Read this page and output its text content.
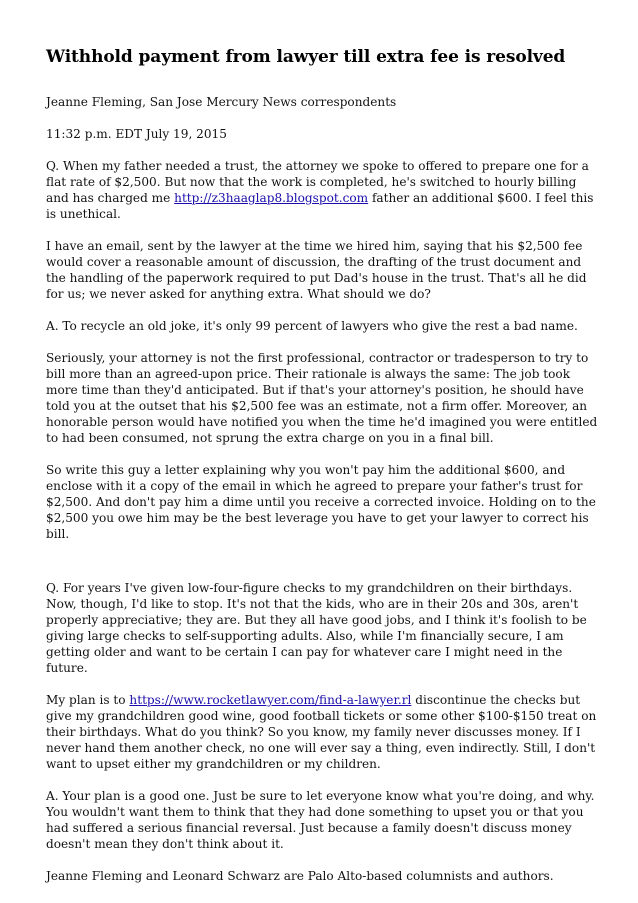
Withhold payment from lawyer till extra fee is resolved

Jeanne Fleming, San Jose Mercury News correspondents

11:32 p.m. EDT July 19, 2015

Q. When my father needed a trust, the attorney we spoke to offered to prepare one for a flat rate of $2,500. But now that the work is completed, he's switched to hourly billing and has charged me http://z3haaglap8.blogspot.com father an additional $600. I feel this is unethical.

I have an email, sent by the lawyer at the time we hired him, saying that his $2,500 fee would cover a reasonable amount of discussion, the drafting of the trust document and the handling of the paperwork required to put Dad's house in the trust. That's all he did for us; we never asked for anything extra. What should we do?

A. To recycle an old joke, it's only 99 percent of lawyers who give the rest a bad name.

Seriously, your attorney is not the first professional, contractor or tradesperson to try to bill more than an agreed-upon price. Their rationale is always the same: The job took more time than they'd anticipated. But if that's your attorney's position, he should have told you at the outset that his $2,500 fee was an estimate, not a firm offer. Moreover, an honorable person would have notified you when the time he'd imagined you were entitled to had been consumed, not sprung the extra charge on you in a final bill.

So write this guy a letter explaining why you won't pay him the additional $600, and enclose with it a copy of the email in which he agreed to prepare your father's trust for $2,500. And don't pay him a dime until you receive a corrected invoice. Holding on to the $2,500 you owe him may be the best leverage you have to get your lawyer to correct his bill.

Q. For years I've given low-four-figure checks to my grandchildren on their birthdays. Now, though, I'd like to stop. It's not that the kids, who are in their 20s and 30s, aren't properly appreciative; they are. But they all have good jobs, and I think it's foolish to be giving large checks to self-supporting adults. Also, while I'm financially secure, I am getting older and want to be certain I can pay for whatever care I might need in the future.

My plan is to https://www.rocketlawyer.com/find-a-lawyer.rl discontinue the checks but give my grandchildren good wine, good football tickets or some other $100-$150 treat on their birthdays. What do you think? So you know, my family never discusses money. If I never hand them another check, no one will ever say a thing, even indirectly. Still, I don't want to upset either my grandchildren or my children.

A. Your plan is a good one. Just be sure to let everyone know what you're doing, and why. You wouldn't want them to think that they had done something to upset you or that you had suffered a serious financial reversal. Just because a family doesn't discuss money doesn't mean they don't think about it.

Jeanne Fleming and Leonard Schwarz are Palo Alto-based columnists and authors.
